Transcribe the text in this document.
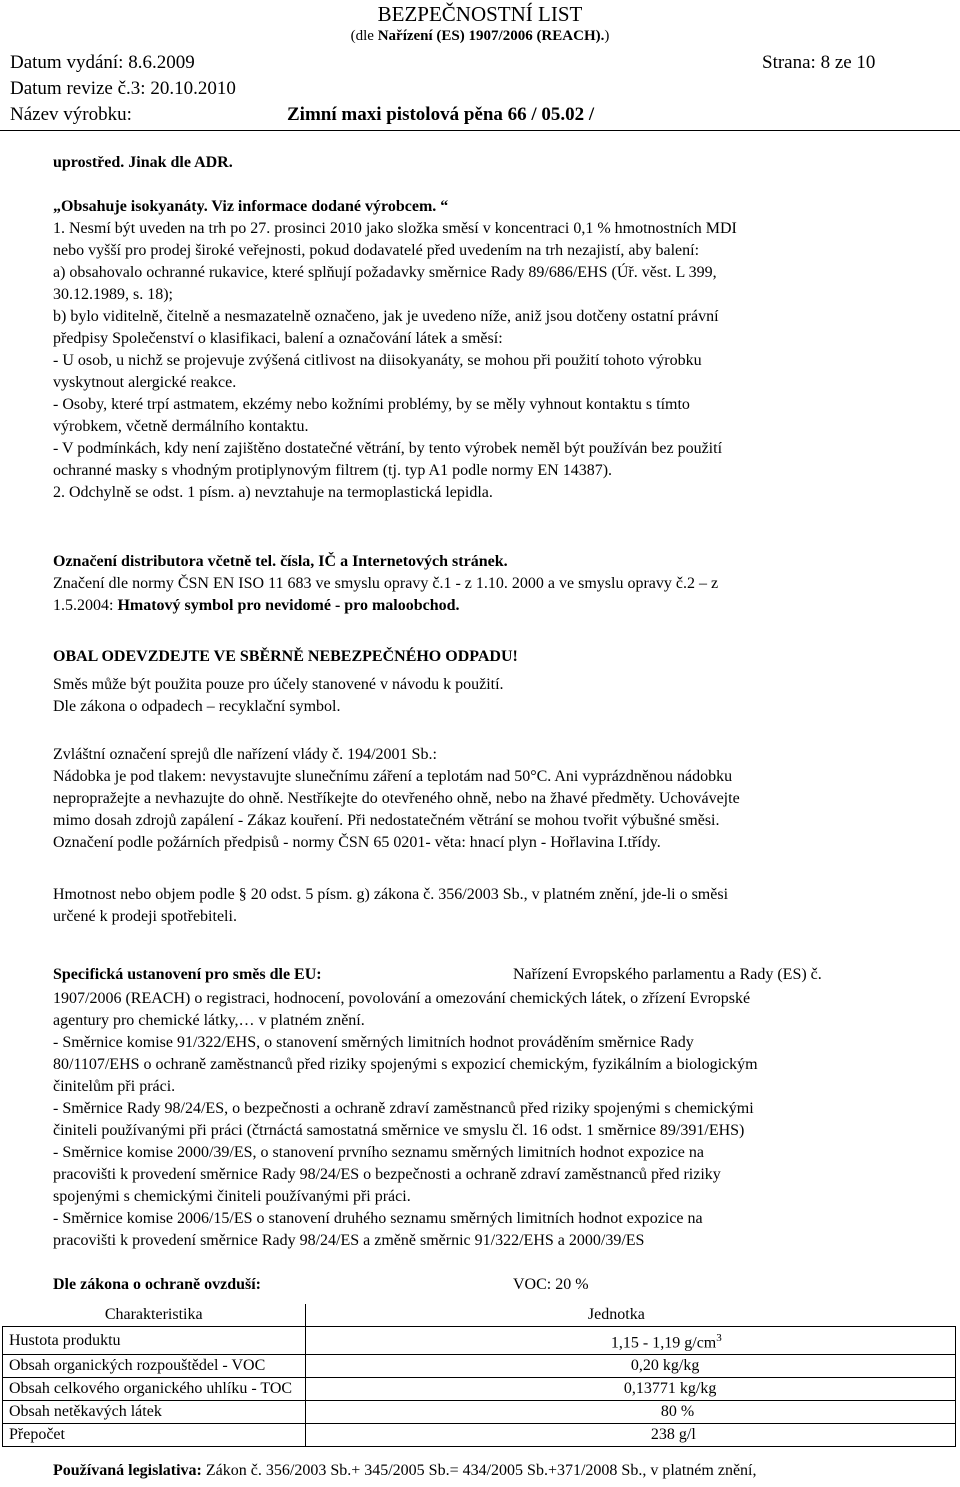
BEZPEČNOSTNÍ LIST
(dle Nařízení (ES) 1907/2006 (REACH).)
Datum vydání: 8.6.2009	Strana: 8 ze 10
Datum revize č.3: 20.10.2010
Název výrobku:	Zimní maxi pistolová pěna 66 / 05.02 /
uprostřed. Jinak dle ADR.
„Obsahuje isokyanáty. Viz informace dodané výrobcem. “
1. Nesmí být uveden na trh po 27. prosinci 2010 jako složka směsí v koncentraci 0,1 % hmotnostních MDI
nebo vyšší pro prodej široké veřejnosti, pokud dodavatelé před uvedením na trh nezajistí, aby balení:
a) obsahovalo ochranné rukavice, které splňují požadavky směrnice Rady 89/686/EHS (Úř. věst. L 399,
30.12.1989, s. 18);
b) bylo viditelně, čitelně a nesmazatelně označeno, jak je uvedeno níže, aniž jsou dotčeny ostatní právní
předpisy Společenství o klasifikaci, balení a označování látek a směsí:
- U osob, u nichž se projevuje zvýšená citlivost na diisokyanáty, se mohou při použití tohoto výrobku
vyskytnout alergické reakce.
- Osoby, které trpí astmatem, ekzémy nebo kožními problémy, by se měly vyhnout kontaktu s tímto
výrobkem, včetně dermálního kontaktu.
- V podmínkách, kdy není zajištěno dostatečné větrání, by tento výrobek neměl být používán bez použití
ochranné masky s vhodným protiplynovým filtrem (tj. typ A1 podle normy EN 14387).
2. Odchylně se odst. 1 písm. a) nevztahuje na termoplastická lepidla.
Označení distributora včetně tel. čísla, IČ a Internetových stránek.
Značení dle normy ČSN EN ISO 11 683 ve smyslu opravy č.1 - z 1.10. 2000 a ve smyslu opravy č.2 – z
1.5.2004: Hmatový symbol pro nevidomé - pro maloobchod.
OBAL ODEVZDEJTE VE SBĚRNĚ NEBEZPEČNÉHO ODPADU!
Směs může být použita pouze pro účely stanovené v návodu k použití.
Dle zákona o odpadech – recyklační symbol.
Zvláštní označení sprejů dle nařízení vlády č. 194/2001 Sb.:
Nádobka je pod tlakem: nevystavujte slunečnímu záření a teplotám nad 50°C. Ani vyprázdněnou nádobku
nepropražejte a nevhazujte do ohně. Nestříkejte do otevřeného ohně, nebo na žhavé předměty. Uchovávejte
mimo dosah zdrojů zapálení - Zákaz kouření. Při nedostatečném větrání se mohou tvořit výbušné směsi.
Označení podle požárních předpisů - normy ČSN 65 0201- věta: hnací plyn - Hořlavina I.třídy.
Hmotnost nebo objem podle § 20 odst. 5 písm. g) zákona č. 356/2003 Sb., v platném znění, jde-li o směsi
určené k prodeji spotřebiteli.
Specifická ustanovení pro směs dle EU:	Nařízení Evropského parlamentu a Rady (ES) č.
1907/2006 (REACH) o registraci, hodnocení, povolování a omezování chemických látek, o zřízení Evropské
agentury pro chemické látky,… v platném znění.
- Směrnice komise 91/322/EHS, o stanovení směrných limitních hodnot prováděním směrnice Rady
80/1107/EHS o ochraně zaměstnanců před riziky spojenými s expozicí chemickým, fyzikálním a biologickým
činitelům při práci.
- Směrnice Rady 98/24/ES, o bezpečnosti a ochraně zdraví zaměstnanců před riziky spojenými s chemickými
činiteli používanými při práci (čtrnáctá samostatná směrnice ve smyslu čl. 16 odst. 1 směrnice 89/391/EHS)
- Směrnice komise 2000/39/ES, o stanovení prvního seznamu směrných limitních hodnot expozice na
pracovišti k provedení směrnice Rady 98/24/ES o bezpečnosti a ochraně zdraví zaměstnanců před riziky
spojenými s chemickými činiteli používanými při práci.
- Směrnice komise 2006/15/ES o stanovení druhého seznamu směrných limitních hodnot expozice na
pracovišti k provedení směrnice Rady 98/24/ES a změně směrnic 91/322/EHS a 2000/39/ES
Dle zákona o ochraně ovzduší:	VOC: 20 %
Charakteristika	Jednotka
Hustota produktu	1,15 - 1,19 $g/cm^3$
Obsah organických rozpouštědel - VOC	0,20 kg/kg
Obsah celkového organického uhlíku - TOC	0,13771 kg/kg
Obsah netěkavých látek	80 %
Přepočet	238 g/l
Používaná legislativa: Zákon č. 356/2003 Sb.+ 345/2005 Sb.= 434/2005 Sb.+371/2008 Sb., v platném znění,
